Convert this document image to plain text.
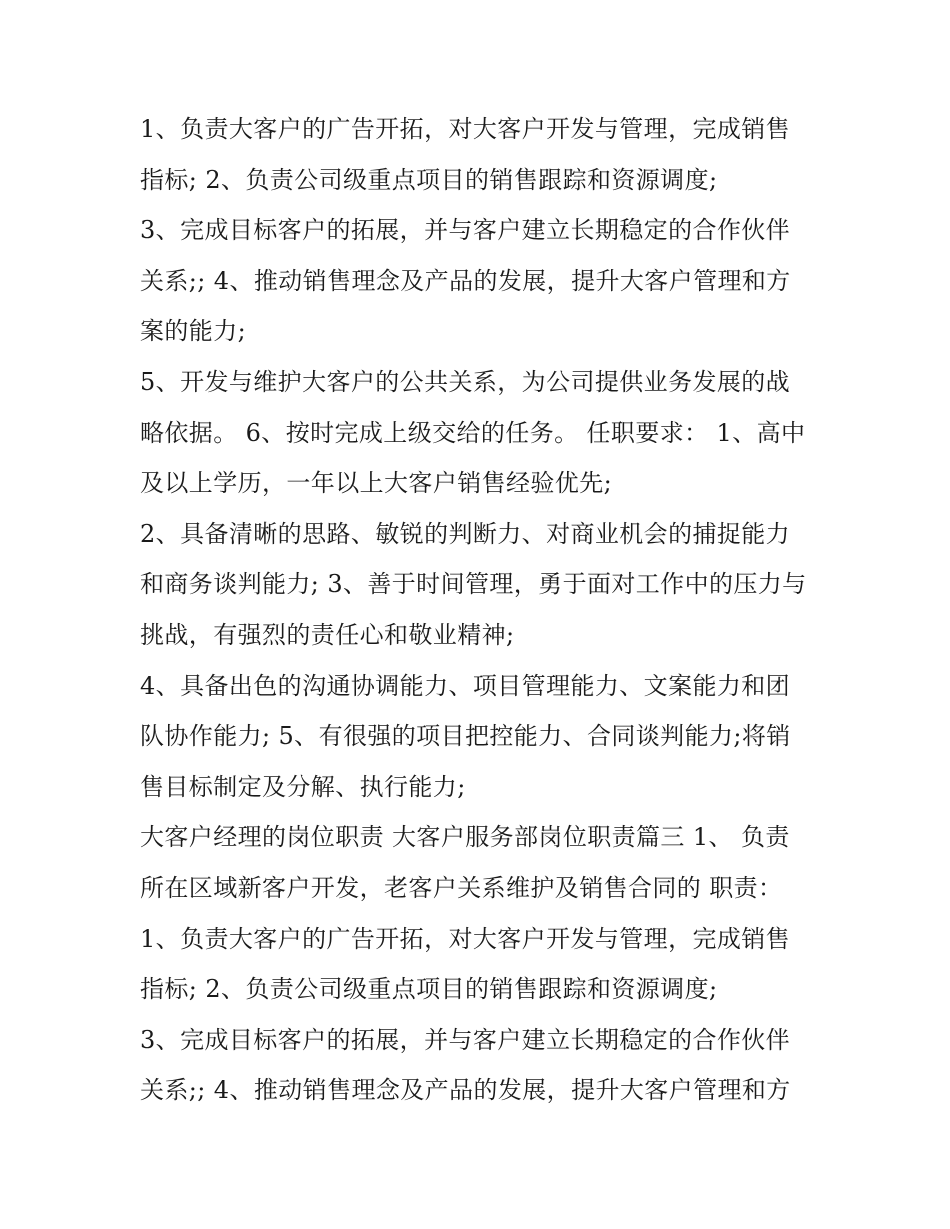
1、负责大客户的广告开拓，对大客户开发与管理，完成销售
指标; 2、负责公司级重点项目的销售跟踪和资源调度;
3、完成目标客户的拓展，并与客户建立长期稳定的合作伙伴
关系;; 4、推动销售理念及产品的发展，提升大客户管理和方
案的能力;
5、开发与维护大客户的公共关系，为公司提供业务发展的战
略依据。 6、按时完成上级交给的任务。 任职要求： 1、高中
及以上学历，一年以上大客户销售经验优先;
2、具备清晰的思路、敏锐的判断力、对商业机会的捕捉能力
和商务谈判能力; 3、善于时间管理，勇于面对工作中的压力与
挑战，有强烈的责任心和敬业精神;
4、具备出色的沟通协调能力、项目管理能力、文案能力和团
队协作能力; 5、有很强的项目把控能力、合同谈判能力;将销
售目标制定及分解、执行能力;
大客户经理的岗位职责 大客户服务部岗位职责篇三 1、 负责
所在区域新客户开发，老客户关系维护及销售合同的 职责：
1、负责大客户的广告开拓，对大客户开发与管理，完成销售
指标; 2、负责公司级重点项目的销售跟踪和资源调度;
3、完成目标客户的拓展，并与客户建立长期稳定的合作伙伴
关系;; 4、推动销售理念及产品的发展，提升大客户管理和方
